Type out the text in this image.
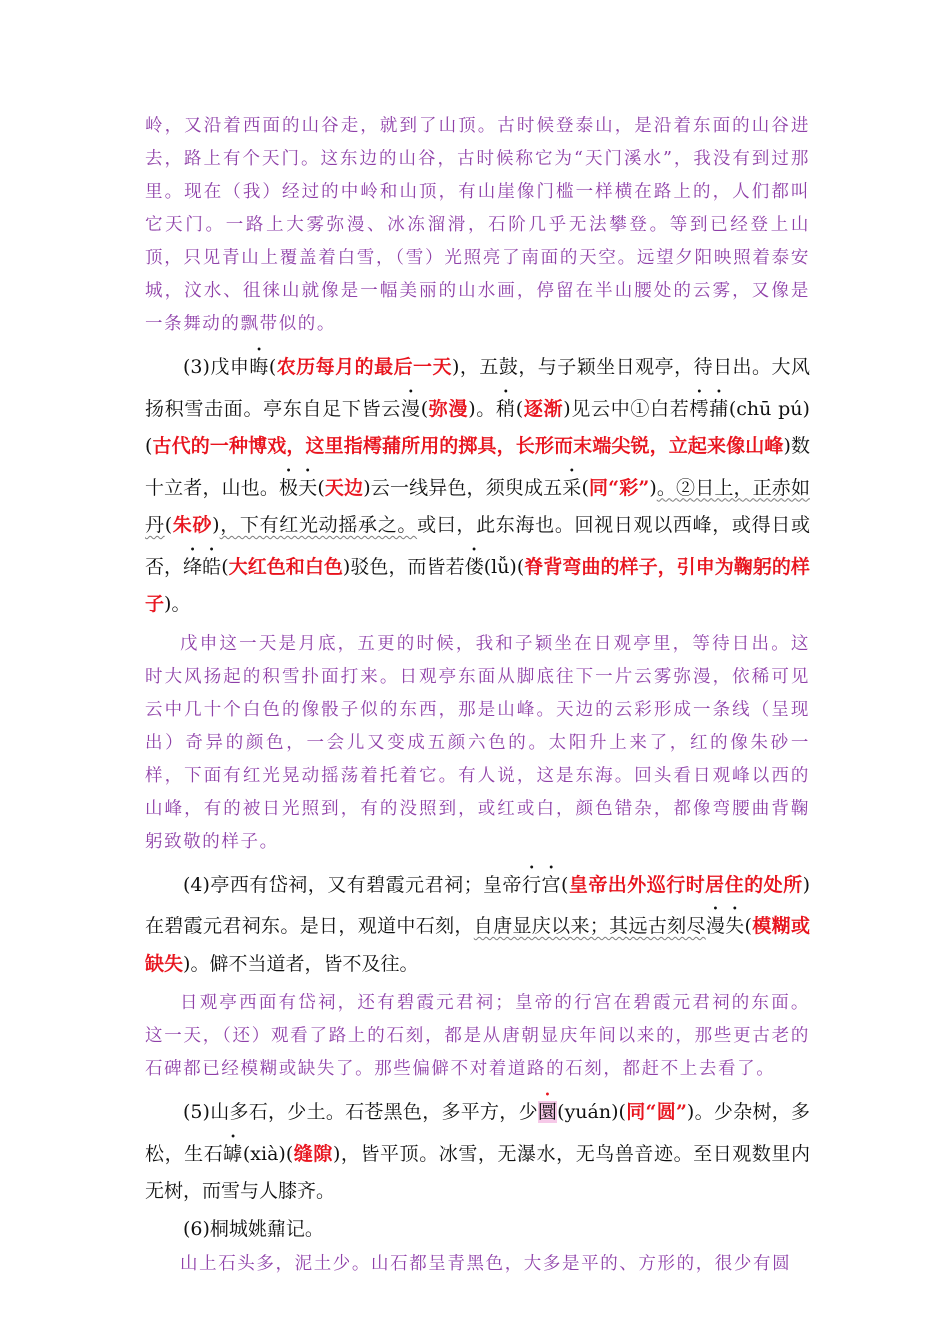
岭，又沿着西面的山谷走，就到了山顶。古时候登泰山，是沿着东面的山谷进去，路上有个天门。这东边的山谷，古时候称它为“天门溪水”，我没有到过那里。现在（我）经过的中岭和山顶，有山崖像门槛一样横在路上的，人们都叫它天门。一路上大雾弥漫、冰冻溜滑，石阶几乎无法攀登。等到已经登上山顶，只见青山上覆盖着白雪，（雪）光照亮了南面的天空。远望夕阳映照着泰安城，汶水、徂徕山就像是一幅美丽的山水画，停留在半山腰处的云雾，又像是一条舞动的飘带似的。

(3)戊申晦(农历每月的最后一天)，五鼓，与子颖坐日观亭，待日出。大风扬积雪击面。亭东自足下皆云漫(弥漫)。稍(逐渐)见云中①白若樗蒱(chū pú)(古代的一种博戏，这里指樗蒱所用的掷具，长形而末端尖锐，立起来像山峰)数十立者，山也。极天(天边)云一线异色，须臾成五采(同“彩”)。②日上，正赤如丹(朱砂)，下有红光动摇承之。或曰，此东海也。回视日观以西峰，或得日或否，绛皓(大红色和白色)驳色，而皆若偻(lǚ)(脊背弯曲的样子，引申为鞠躬的样子)。

戊申这一天是月底，五更的时候，我和子颖坐在日观亭里，等待日出。这时大风扬起的积雪扑面打来。日观亭东面从脚底往下一片云雾弥漫，依稀可见云中几十个白色的像骰子似的东西，那是山峰。天边的云彩形成一条线（呈现出）奇异的颜色，一会儿又变成五颜六色的。太阳升上来了，红的像朱砂一样，下面有红光晃动摇荡着托着它。有人说，这是东海。回头看日观峰以西的山峰，有的被日光照到，有的没照到，或红或白，颜色错杂，都像弯腰曲背鞠躬致敬的样子。

(4)亭西有岱祠，又有碧霞元君祠；皇帝行宫(皇帝出外巡行时居住的处所)在碧霞元君祠东。是日，观道中石刻，自唐显庆以来；其远古刻尽漫失(模糊或缺失)。僻不当道者，皆不及往。

日观亭西面有岱祠，还有碧霞元君祠；皇帝的行宫在碧霞元君祠的东面。这一天，（还）观看了路上的石刻，都是从唐朝显庆年间以来的，那些更古老的石碑都已经模糊或缺失了。那些偏僻不对着道路的石刻，都赶不上去看了。

(5)山多石，少土。石苍黑色，多平方，少圜(yuán)(同“圆”)。少杂树，多松，生石罅(xià)(缝隙)，皆平顶。冰雪，无瀑水，无鸟兽音迹。至日观数里内无树，而雪与人膝齐。

(6)桐城姚鼐记。

山上石头多，泥土少。山石都呈青黑色，大多是平的、方形的，很少有圆
